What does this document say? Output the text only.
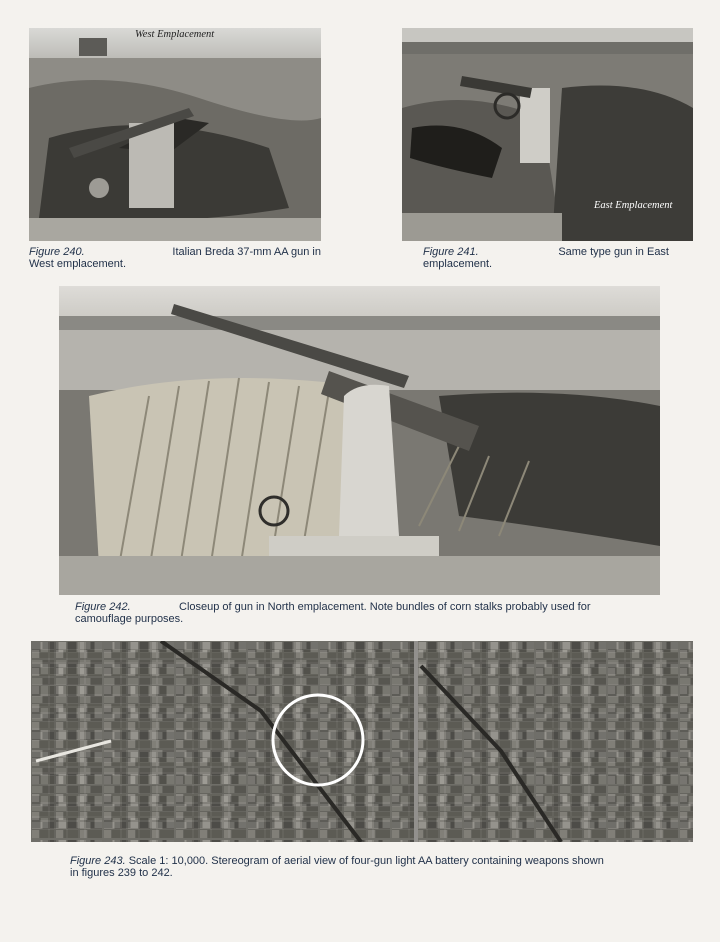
West Emplacement
Figure 240.	Italian Breda 37-mm AA gun in
West emplacement.
East Emplacement
Figure 241.	Same type gun in East
emplacement.
Figure 242.	Closeup of gun in North emplacement. Note bundles of corn stalks probably used for
camouflage purposes.
Figure 243. Scale 1: 10,000. Stereogram of aerial view of four-gun light AA battery containing weapons shown
in figures 239 to 242.
